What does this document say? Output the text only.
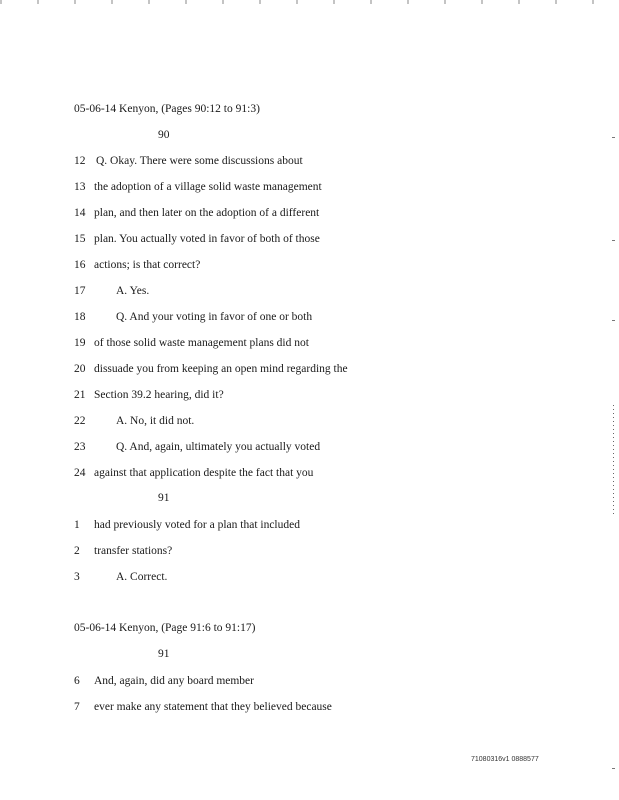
05-06-14 Kenyon, (Pages 90:12 to 91:3)
90
12 Q. Okay. There were some discussions about
13 the adoption of a village solid waste management
14 plan, and then later on the adoption of a different
15 plan. You actually voted in favor of both of those
16 actions; is that correct?
17	A. Yes.
18	Q. And your voting in favor of one or both
19 of those solid waste management plans did not
20 dissuade you from keeping an open mind regarding the
21 Section 39.2 hearing, did it?
22	A. No, it did not.
23	Q. And, again, ultimately you actually voted
24 against that application despite the fact that you
91
1 had previously voted for a plan that included
2 transfer stations?
3	A. Correct.
05-06-14 Kenyon, (Page 91:6 to 91:17)
91
6 And, again, did any board member
7 ever make any statement that they believed because
71080316v1 0888577
